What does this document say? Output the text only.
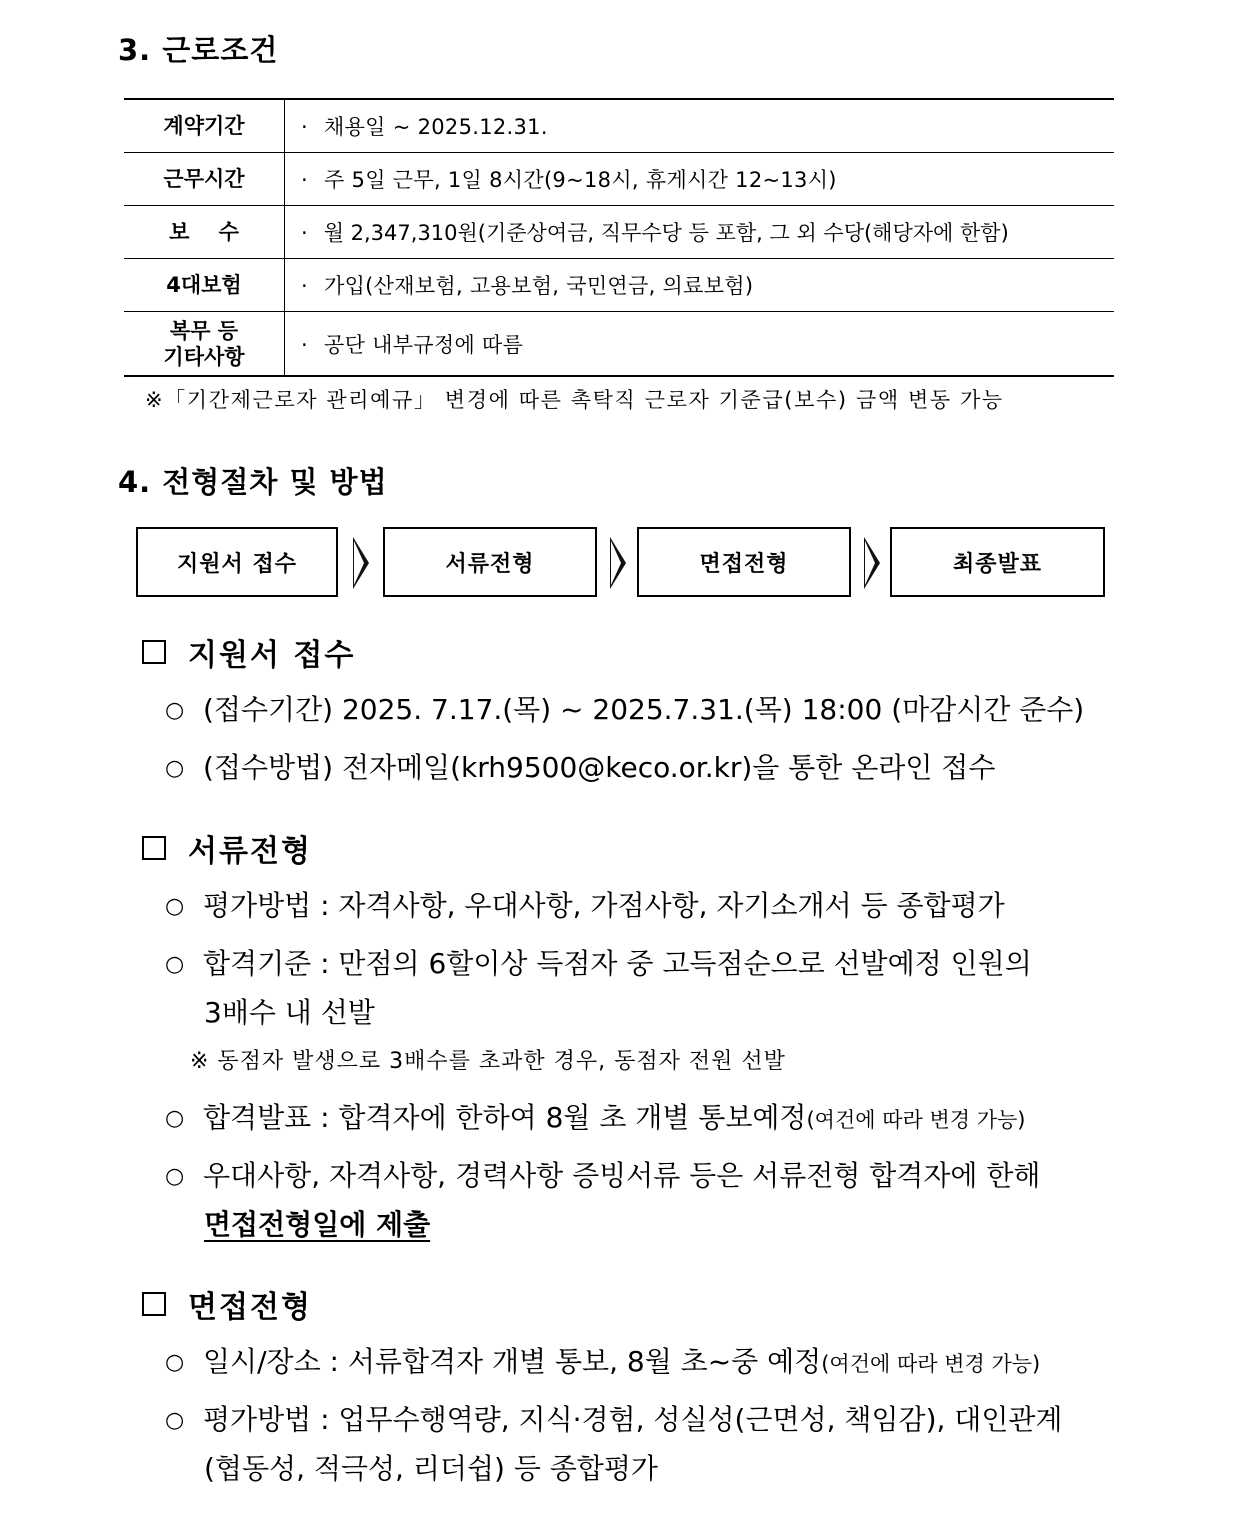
3. 근로조건
계약기간	· 채용일 ~ 2025.12.31.
근무시간	· 주 5일 근무, 1일 8시간(9~18시, 휴게시간 12~13시)
보    수	· 월 2,347,310원(기준상여금, 직무수당 등 포함, 그 외 수당(해당자에 한함)
4대보험	· 가입(산재보험, 고용보험, 국민연금, 의료보험)

복무 등
기타사항	· 공단 내부규정에 따름
※「기간제근로자 관리예규」 변경에 따른 촉탁직 근로자 기준급(보수) 금액 변동 가능
4. 전형절차 및 방법
지원서 접수	서류전형	면접전형	최종발표
지원서 접수
○ (접수기간) 2025. 7.17.(목) ~ 2025.7.31.(목) 18:00 (마감시간 준수)
○ (접수방법) 전자메일(krh9500@keco.or.kr)을 통한 온라인 접수
서류전형
○ 평가방법 : 자격사항, 우대사항, 가점사항, 자기소개서 등 종합평가
○ 합격기준 : 만점의 6할이상 득점자 중 고득점순으로 선발예정 인원의
3배수 내 선발
※ 동점자 발생으로 3배수를 초과한 경우, 동점자 전원 선발
○ 합격발표 : 합격자에 한하여 8월 초 개별 통보예정(여건에 따라 변경 가능)
○ 우대사항, 자격사항, 경력사항 증빙서류 등은 서류전형 합격자에 한해
면접전형일에 제출
면접전형
○ 일시/장소 : 서류합격자 개별 통보, 8월 초~중 예정(여건에 따라 변경 가능)
○ 평가방법 : 업무수행역량, 지식·경험, 성실성(근면성, 책임감), 대인관계
(협동성, 적극성, 리더쉽) 등 종합평가
